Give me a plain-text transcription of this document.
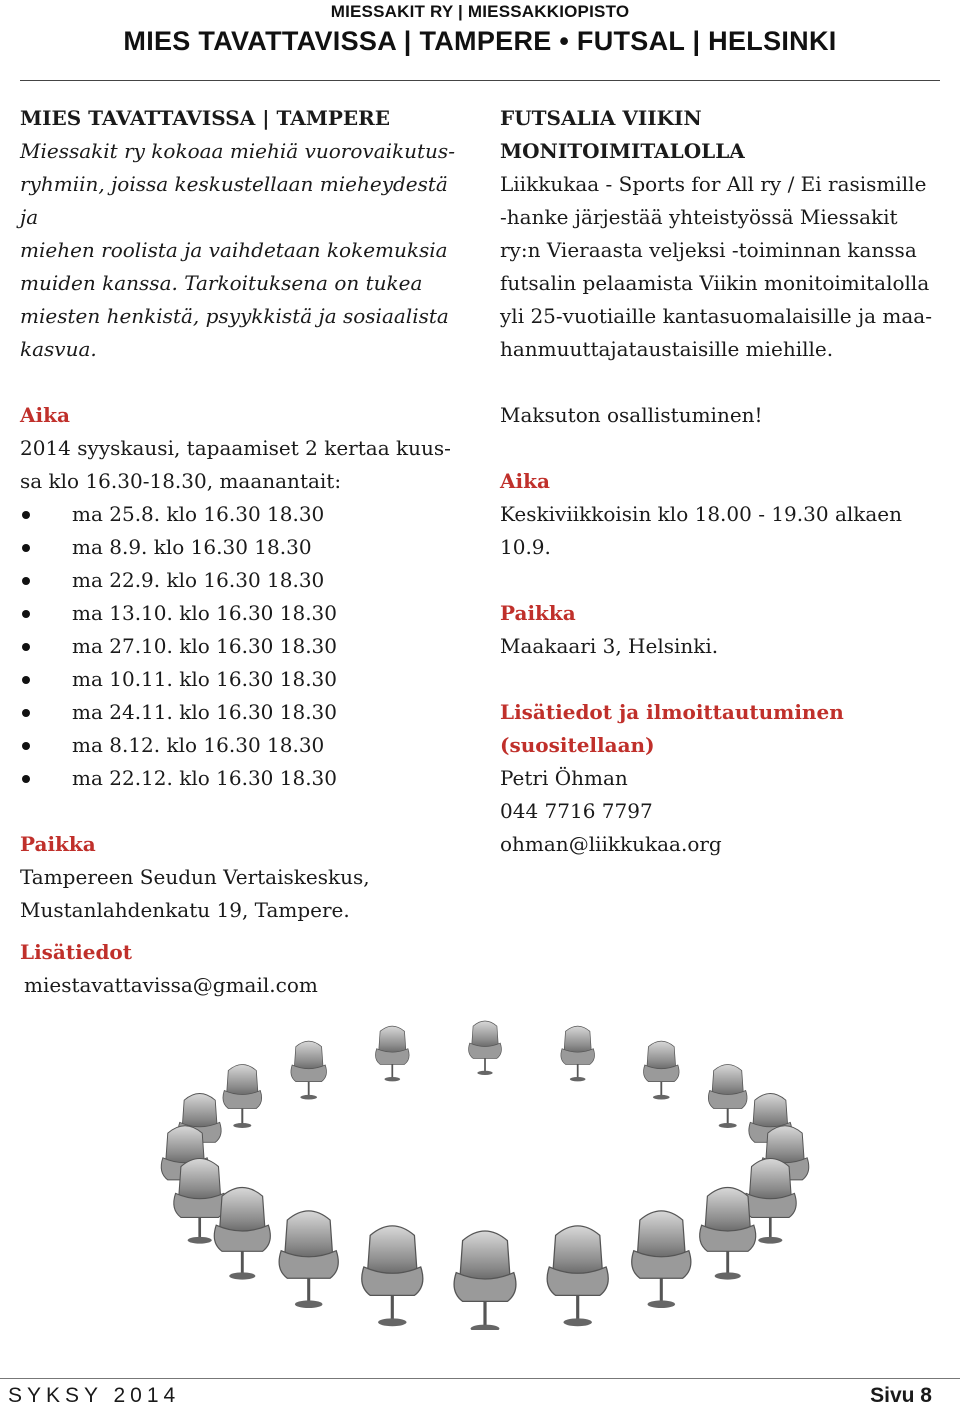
MIESSAKIT RY | MIESSAKKIOPISTO
MIES TAVATTAVISSA | TAMPERE • FUTSAL | HELSINKI

MIES TAVATTAVISSA | TAMPERE

Miessakit ry kokoaa miehiä vuorovaikutus-

ryhmiin, joissa keskustellaan mieheydestä ja

miehen roolista ja vaihdetaan kokemuksia

muiden kanssa. Tarkoituksena on tukea

miesten henkistä, psyykkistä ja sosiaalista

kasvua.

Aika

2014 syyskausi, tapaamiset 2 kertaa kuus-

sa klo 16.30-18.30, maanantait:

ma 25.8. klo 16.30 18.30
ma 8.9. klo 16.30 18.30
ma 22.9. klo 16.30 18.30
ma 13.10. klo 16.30 18.30
ma 27.10. klo 16.30 18.30
ma 10.11. klo 16.30 18.30
ma 24.11. klo 16.30 18.30
ma 8.12. klo 16.30 18.30
ma 22.12. klo 16.30 18.30

Paikka

Tampereen Seudun Vertaiskeskus,

Mustanlahdenkatu 19, Tampere.

Lisätiedot

miestavattavissa@gmail.com

FUTSALIA VIIKIN MONITOIMITALOLLA

Liikkukaa - Sports for All ry / Ei rasismille

-hanke järjestää yhteistyössä Miessakit

ry:n Vieraasta veljeksi -toiminnan kanssa

futsalin pelaamista Viikin monitoimitalolla

yli 25-vuotiaille kantasuomalaisille ja maa-

hanmuuttajataustaisille miehille.

Maksuton osallistuminen!

Aika

Keskiviikkoisin klo 18.00 - 19.30 alkaen

10.9.

Paikka

Maakaari 3, Helsinki.

Lisätiedot ja ilmoittautuminen

(suositellaan)

Petri Öhman

044 7716 7797

ohman@liikkukaa.org

SYKSY 2014	Sivu 8
